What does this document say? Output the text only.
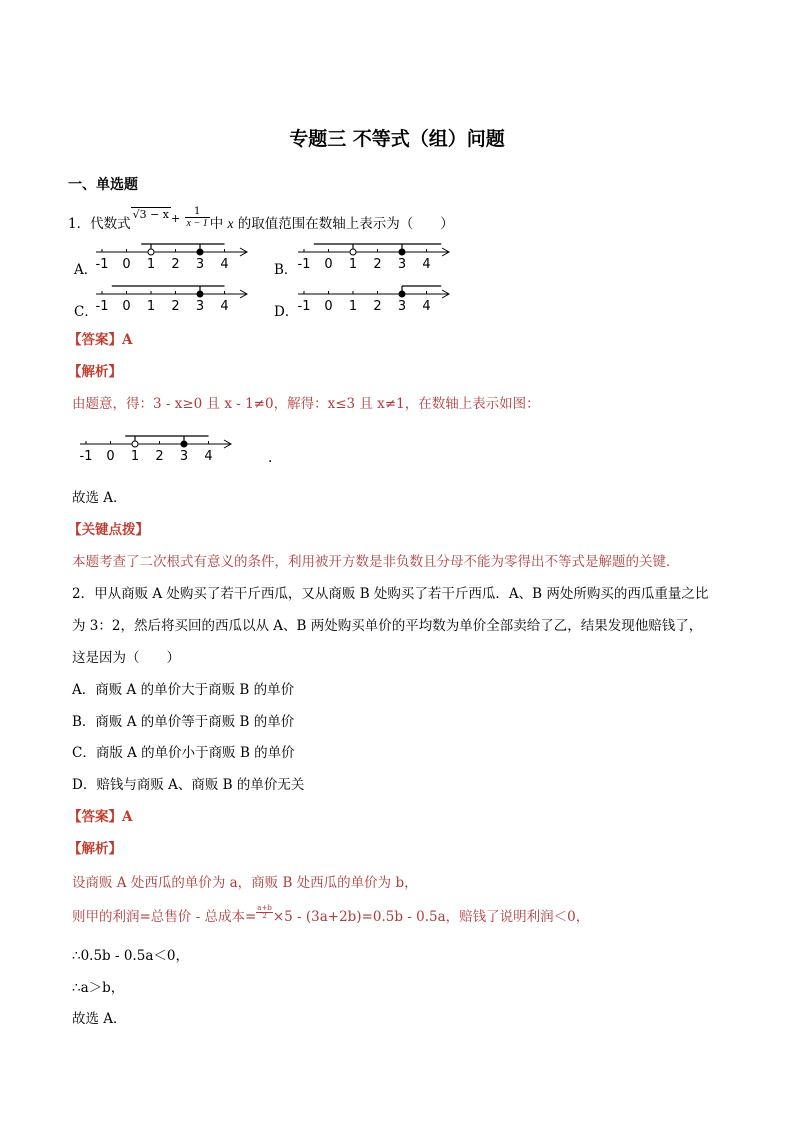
专题三 不等式（组）问题
一、单选题
1．代数式√3 − x $^+ \frac{1}{x - 1}$ 中 x 的取值范围在数轴上表示为（　　）
A．	B．
C．	D．
-1 0 1 2 3 4	-1 0 1 2 3 4
-1 0 1 2 3 4	-1 0 1 2 3 4
【答案】A
【解析】
由题意，得：3 - x≥0 且 x - 1≠0，解得：x≤3 且 x≠1，在数轴上表示如图：
-1 0 1 2 3 4	.
故选 A．
【关键点拨】
本题考查了二次根式有意义的条件，利用被开方数是非负数且分母不能为零得出不等式是解题的关键．
2．甲从商贩 A 处购买了若干斤西瓜，又从商贩 B 处购买了若干斤西瓜．A、B 两处所购买的西瓜重量之比
为 3：2，然后将买回的西瓜以从 A、B 两处购买单价的平均数为单价全部卖给了乙，结果发现他赔钱了，
这是因为（　　）
A．商贩 A 的单价大于商贩 B 的单价
B．商贩 A 的单价等于商贩 B 的单价
C．商版 A 的单价小于商贩 B 的单价
D．赔钱与商贩 A、商贩 B 的单价无关
【答案】A
【解析】
设商贩 A 处西瓜的单价为 a，商贩 B 处西瓜的单价为 b，
则甲的利润=总售价 - 总成本= $\frac{a+b}{2} \times 5 - (3a+2b)=0.5b - 0.5a$，赔钱了说明利润＜0，
∴0.5b - 0.5a＜0，
∴a＞b，
故选 A．
